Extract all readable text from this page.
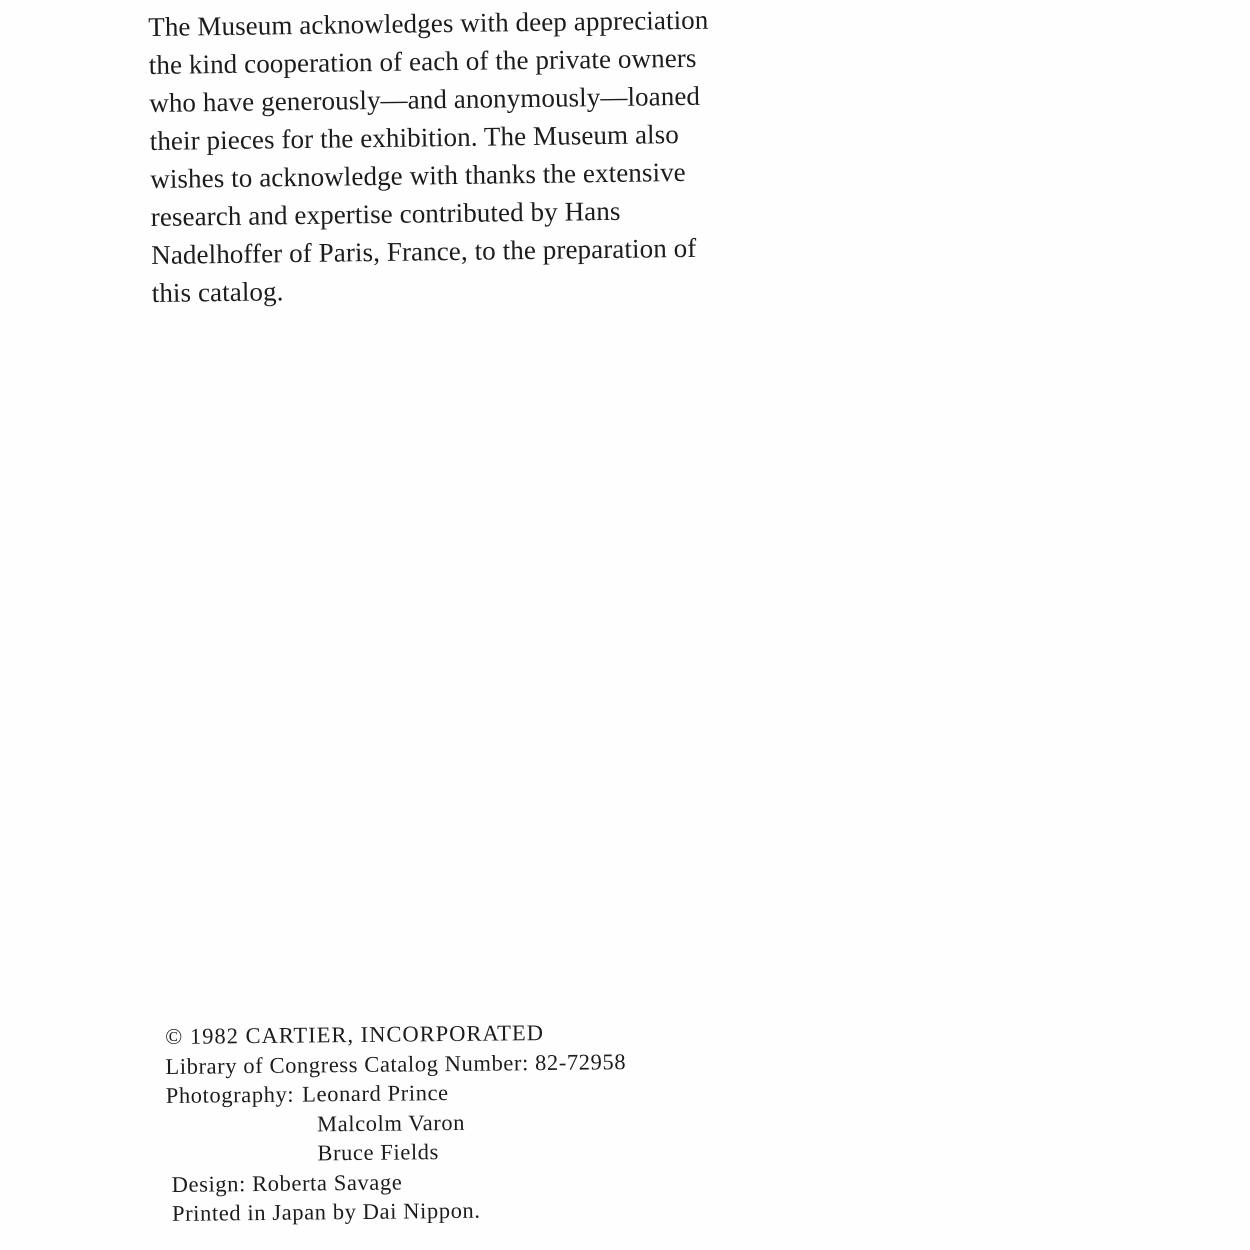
The Museum acknowledges with deep appreciation
the kind cooperation of each of the private owners
who have generously—and anonymously—loaned
their pieces for the exhibition. The Museum also
wishes to acknowledge with thanks the extensive
research and expertise contributed by Hans
Nadelhoffer of Paris, France, to the preparation of
this catalog.
© 1982 CARTIER, INCORPORATED
Library of Congress Catalog Number: 82-72958
Photography: Leonard Prince
Malcolm Varon
Bruce Fields
Design: Roberta Savage
Printed in Japan by Dai Nippon.
